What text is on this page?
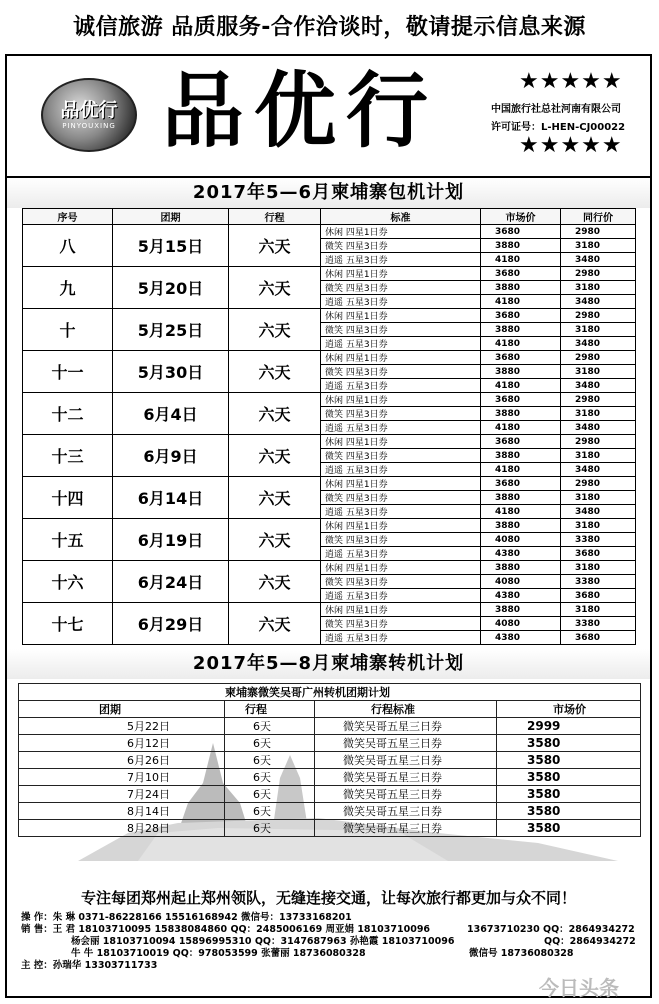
诚信旅游 品质服务-合作洽谈时，敬请提示信息来源
品优行
PINYOUXING 品优行	★★★★★
中国旅行社总社河南有限公司
许可证号：L-HEN-CJ00022
★★★★★
2017年5—6月柬埔寨包机计划
序号	团期	行程	标准	市场价	同行价
八	5月15日	六天	休闲 四星1日券	3680	2980
			微笑 四星3日券	3880	3180
			逍遥 五星3日券	4180	3480
九	5月20日	六天	休闲 四星1日券	3680	2980
			微笑 四星3日券	3880	3180
			逍遥 五星3日券	4180	3480
十	5月25日	六天	休闲 四星1日券	3680	2980
			微笑 四星3日券	3880	3180
			逍遥 五星3日券	4180	3480
十一	5月30日	六天	休闲 四星1日券	3680	2980
			微笑 四星3日券	3880	3180
			逍遥 五星3日券	4180	3480
十二	6月4日	六天	休闲 四星1日券	3680	2980
			微笑 四星3日券	3880	3180
			逍遥 五星3日券	4180	3480
十三	6月9日	六天	休闲 四星1日券	3680	2980
			微笑 四星3日券	3880	3180
			逍遥 五星3日券	4180	3480
十四	6月14日	六天	休闲 四星1日券	3680	2980
			微笑 四星3日券	3880	3180
			逍遥 五星3日券	4180	3480
十五	6月19日	六天	休闲 四星1日券	3880	3180
			微笑 四星3日券	4080	3380
			逍遥 五星3日券	4380	3680
十六	6月24日	六天	休闲 四星1日券	3880	3180
			微笑 四星3日券	4080	3380
			逍遥 五星3日券	4380	3680
十七	6月29日	六天	休闲 四星1日券	3880	3180
			微笑 四星3日券	4080	3380
			逍遥 五星3日券	4380	3680
2017年5—8月柬埔寨转机计划
柬埔寨微笑吴哥广州转机团期计划			
团期	行程	行程标准	市场价
5月22日	6天	微笑吴哥五星三日券	2999
6月12日	6天	微笑吴哥五星三日券	3580
6月26日	6天	微笑吴哥五星三日券	3580
7月10日	6天	微笑吴哥五星三日券	3580
7月24日	6天	微笑吴哥五星三日券	3580
8月14日	6天	微笑吴哥五星三日券	3580
8月28日	6天	微笑吴哥五星三日券	3580
专注每团郑州起止郑州领队，无缝连接交通，让每次旅行都更加与众不同！
操 作：朱 琳 0371-86228166 15516168942 微信号：13733168201
销 售：王 君 18103710095 15838084860 QQ：2485006169 周亚娟 18103710096	13673710230 QQ：2864934272
杨会丽 18103710094 15896995310 QQ：3147687963 孙艳霞 18103710096	QQ：2864934272
牛 牛 18103710019 QQ：978053599 张蕾丽 18736080328	微信号 18736080328
主 控：孙瑞华 13303711733
今日头条
